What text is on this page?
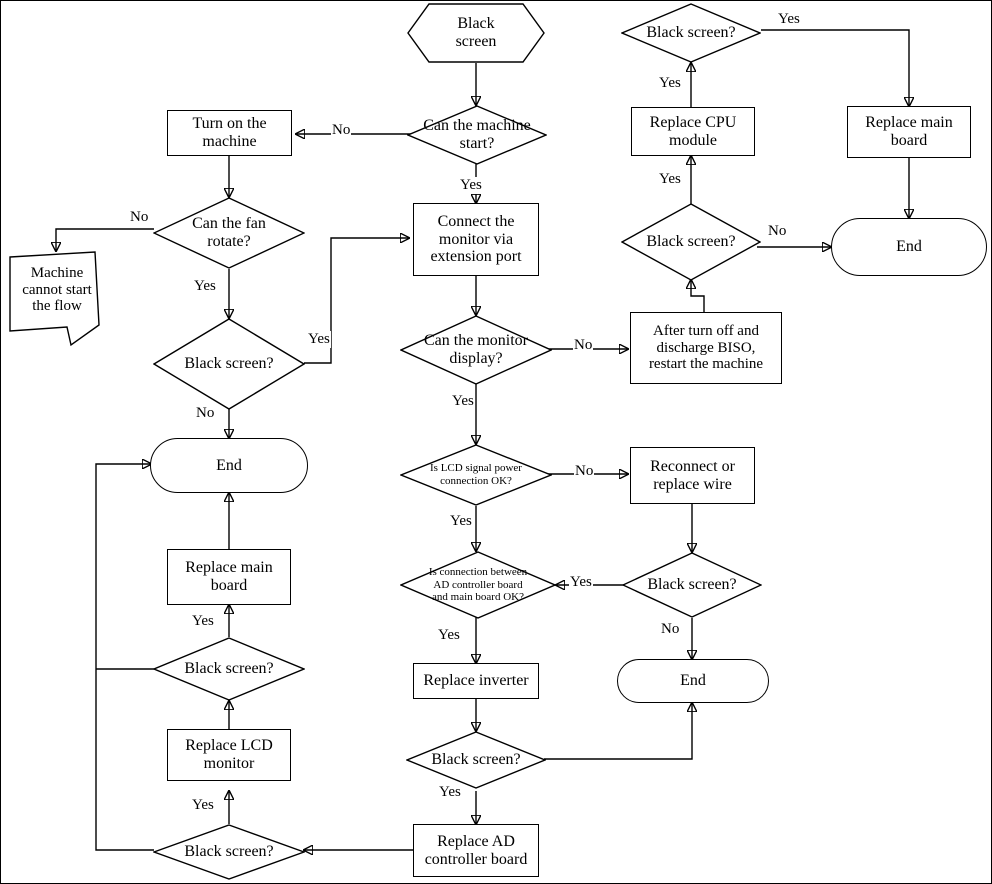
Black
screen
Can the machine
start?
Turn on the
machine
Can the fan
rotate?
Machine
cannot start
the flow
Black screen?
End
Connect the
monitor via
extension port
Can the monitor
display?
After turn off and
discharge BISO,
restart the machine
Black screen?
Replace CPU
module
Black screen?
Replace main
board
End
Is LCD signal power
connection OK?
Reconnect or
replace wire
Black screen?
Is connection between
AD controller board
and main board OK?
End
Replace inverter
Black screen?
Replace AD
controller board
Black screen?
Replace LCD
monitor
Black screen?
Replace main
board
No
Yes
No
Yes
Yes
No
No
Yes
Yes
No
Yes
Yes
No
Yes
Yes
No
Yes
Yes
Yes
Yes
